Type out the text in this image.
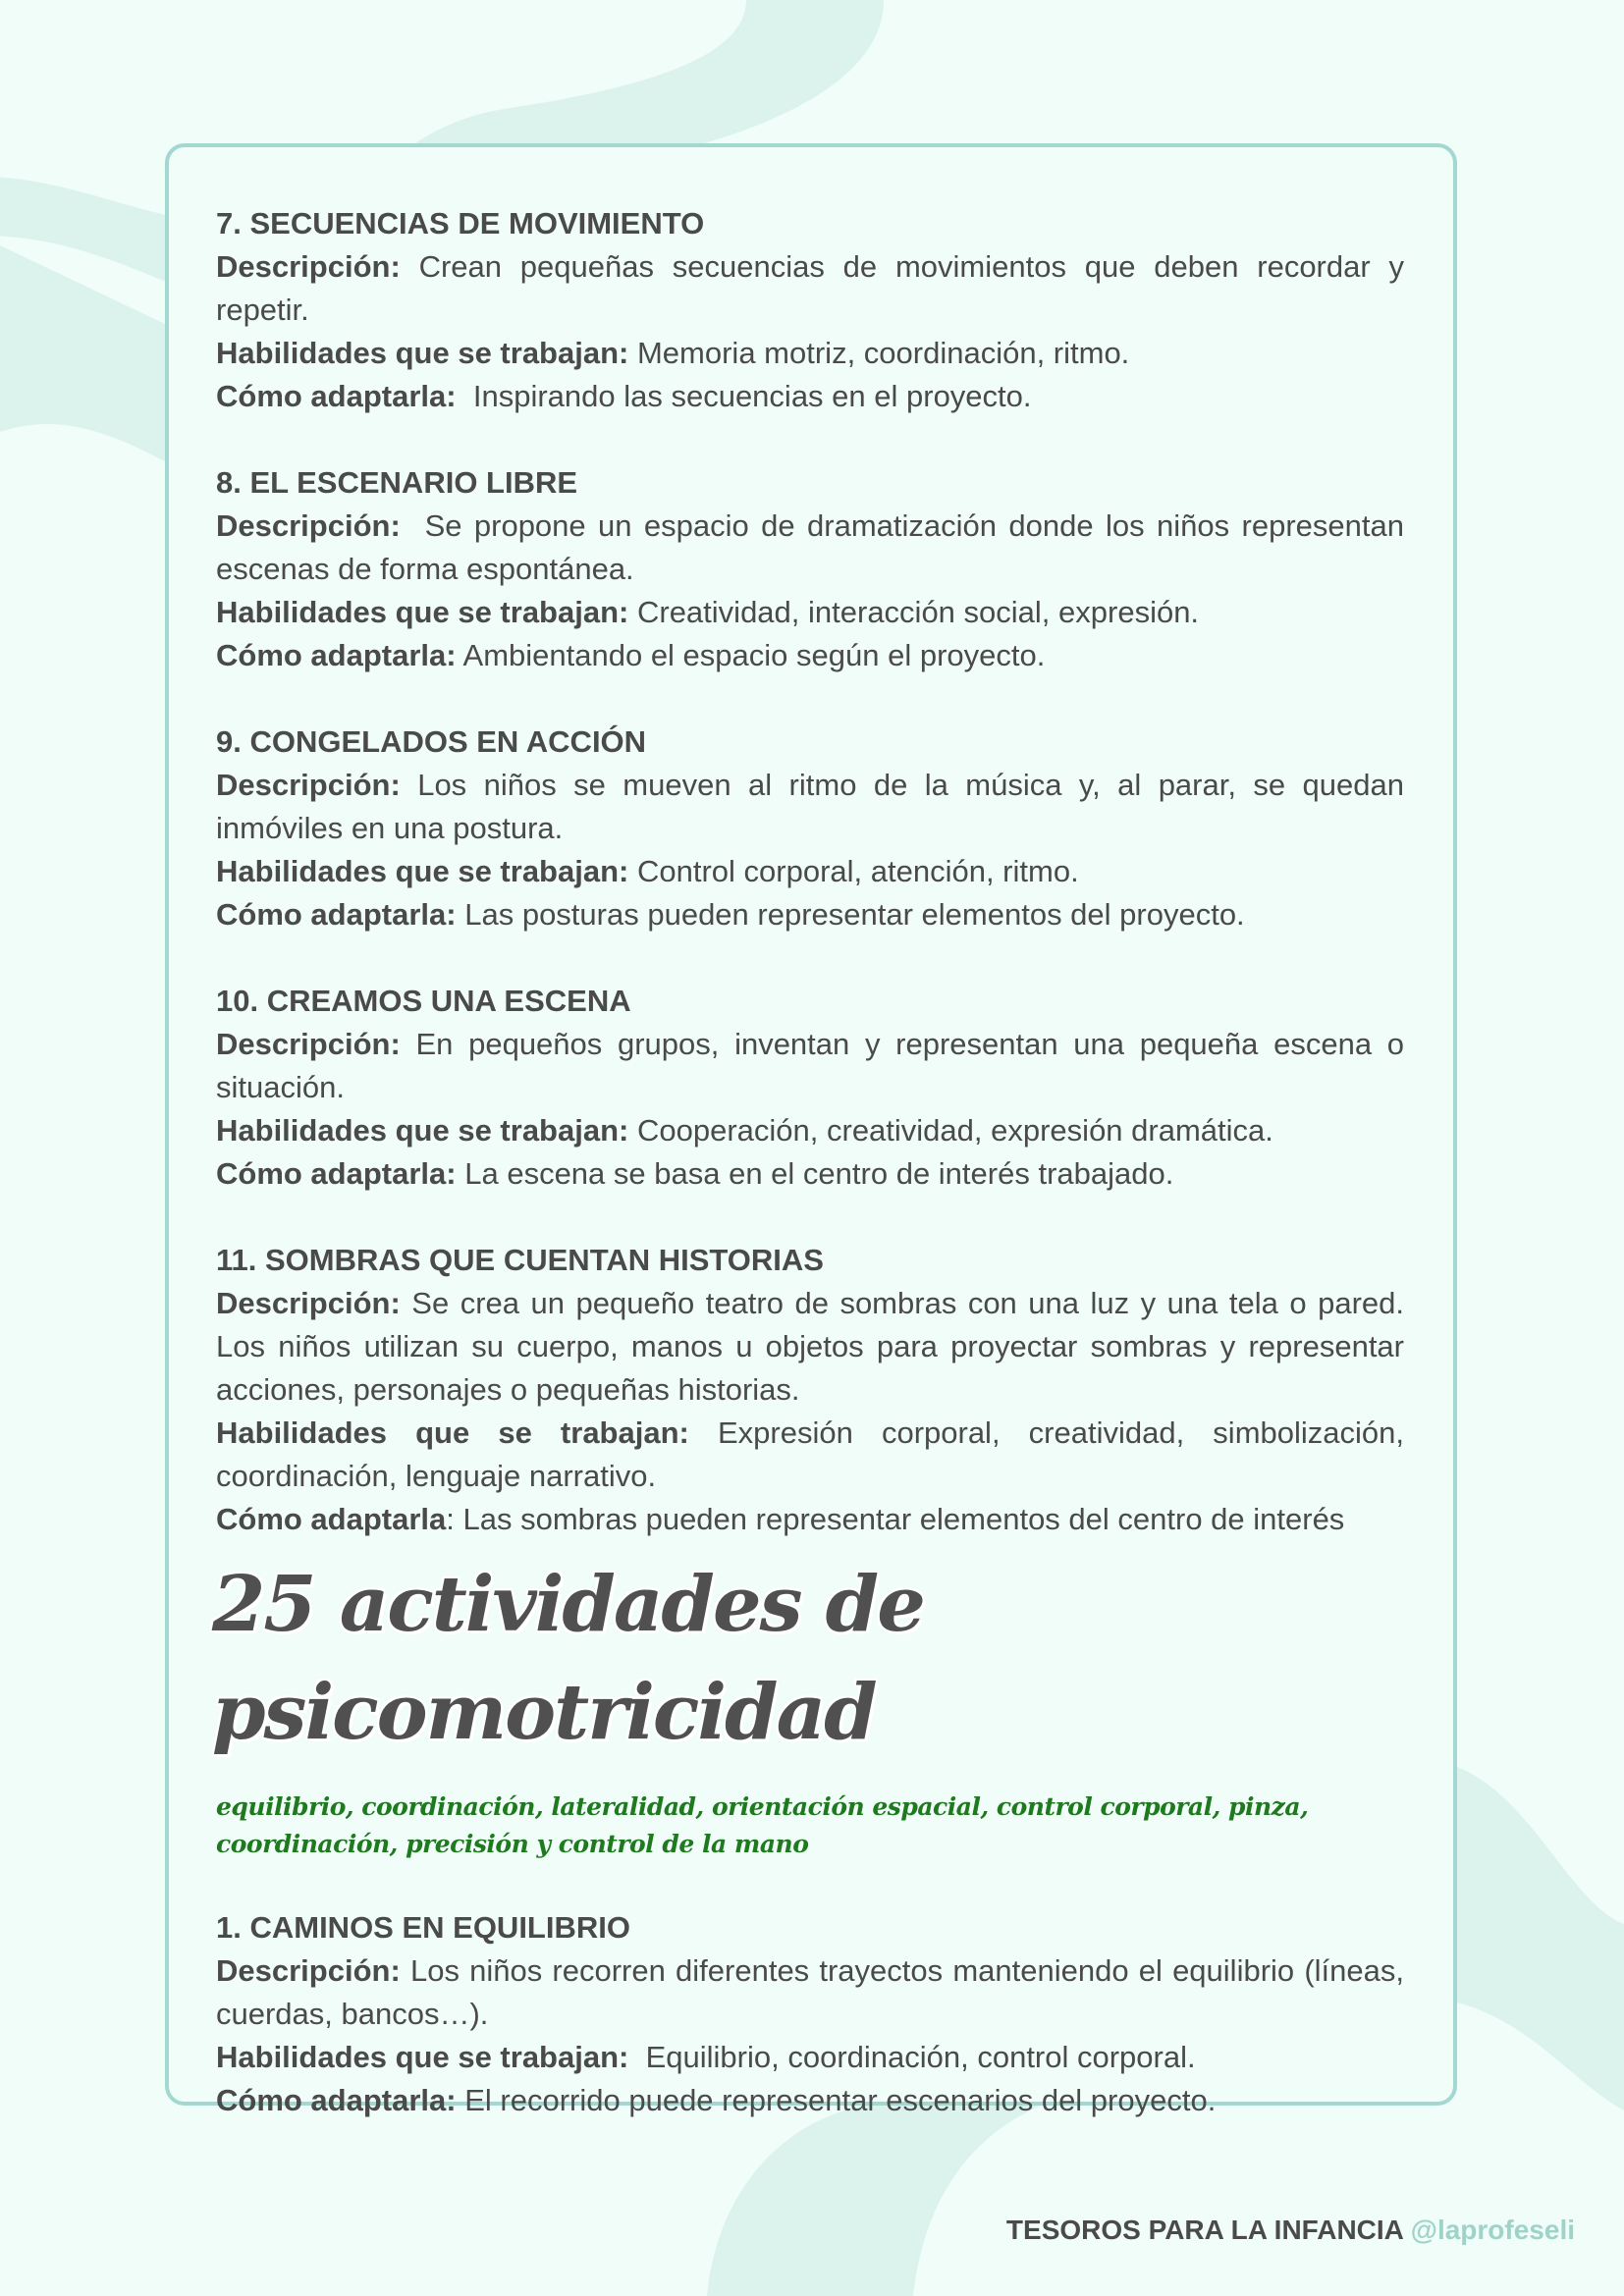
7. SECUENCIAS DE MOVIMIENTO

Descripción: Crean pequeñas secuencias de movimientos que deben recordar y repetir.

Habilidades que se trabajan: Memoria motriz, coordinación, ritmo.

Cómo adaptarla: Inspirando las secuencias en el proyecto.

8. EL ESCENARIO LIBRE

Descripción: Se propone un espacio de dramatización donde los niños representan escenas de forma espontánea.

Habilidades que se trabajan: Creatividad, interacción social, expresión.

Cómo adaptarla: Ambientando el espacio según el proyecto.

9. CONGELADOS EN ACCIÓN

Descripción: Los niños se mueven al ritmo de la música y, al parar, se quedan inmóviles en una postura.

Habilidades que se trabajan: Control corporal, atención, ritmo.

Cómo adaptarla: Las posturas pueden representar elementos del proyecto.

10. CREAMOS UNA ESCENA

Descripción: En pequeños grupos, inventan y representan una pequeña escena o situación.

Habilidades que se trabajan: Cooperación, creatividad, expresión dramática.

Cómo adaptarla: La escena se basa en el centro de interés trabajado.

11. SOMBRAS QUE CUENTAN HISTORIAS

Descripción: Se crea un pequeño teatro de sombras con una luz y una tela o pared. Los niños utilizan su cuerpo, manos u objetos para proyectar sombras y representar acciones, personajes o pequeñas historias.

Habilidades que se trabajan: Expresión corporal, creatividad, simbolización, coordinación, lenguaje narrativo.

Cómo adaptarla: Las sombras pueden representar elementos del centro de interés

25 actividades de psicomotricidad
equilibrio, coordinación, lateralidad, orientación espacial, control corporal, pinza, coordinación, precisión y control de la mano
1. CAMINOS EN EQUILIBRIO

Descripción: Los niños recorren diferentes trayectos manteniendo el equilibrio (líneas, cuerdas, bancos…).

Habilidades que se trabajan: Equilibrio, coordinación, control corporal.

Cómo adaptarla: El recorrido puede representar escenarios del proyecto.

TESOROS PARA LA INFANCIA @laprofeseli
